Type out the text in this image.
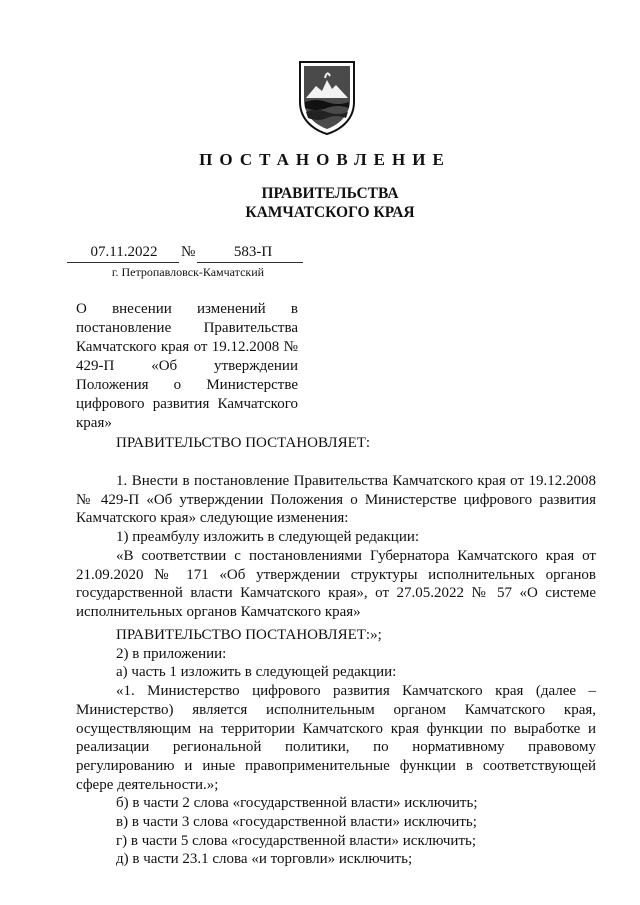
ПОСТАНОВЛЕНИЕ
ПРАВИТЕЛЬСТВА
КАМЧАТСКОГО КРАЯ
07.11.2022	№	583-П
г. Петропавловск-Камчатский
О внесении изменений в постановление Правительства Камчатского края от 19.12.2008 № 429-П «Об утверждении Положения о Министерстве цифрового развития Камчатского края»

ПРАВИТЕЛЬСТВО ПОСТАНОВЛЯЕТ:

1. Внести в постановление Правительства Камчатского края от 19.12.2008 № 429-П «Об утверждении Положения о Министерстве цифрового развития Камчатского края» следующие изменения:

1) преамбулу изложить в следующей редакции:

«В соответствии с постановлениями Губернатора Камчатского края от 21.09.2020 № 171 «Об утверждении структуры исполнительных органов государственной власти Камчатского края», от 27.05.2022 № 57 «О системе исполнительных органов Камчатского края»

ПРАВИТЕЛЬСТВО ПОСТАНОВЛЯЕТ:»;

2) в приложении:

а) часть 1 изложить в следующей редакции:

«1. Министерство цифрового развития Камчатского края (далее – Министерство) является исполнительным органом Камчатского края, осуществляющим на территории Камчатского края функции по выработке и реализации региональной политики, по нормативному правовому регулированию и иные правоприменительные функции в соответствующей сфере деятельности.»;

б) в части 2 слова «государственной власти» исключить;

в) в части 3 слова «государственной власти» исключить;

г) в части 5 слова «государственной власти» исключить;

д) в части 23.1 слова «и торговли» исключить;
